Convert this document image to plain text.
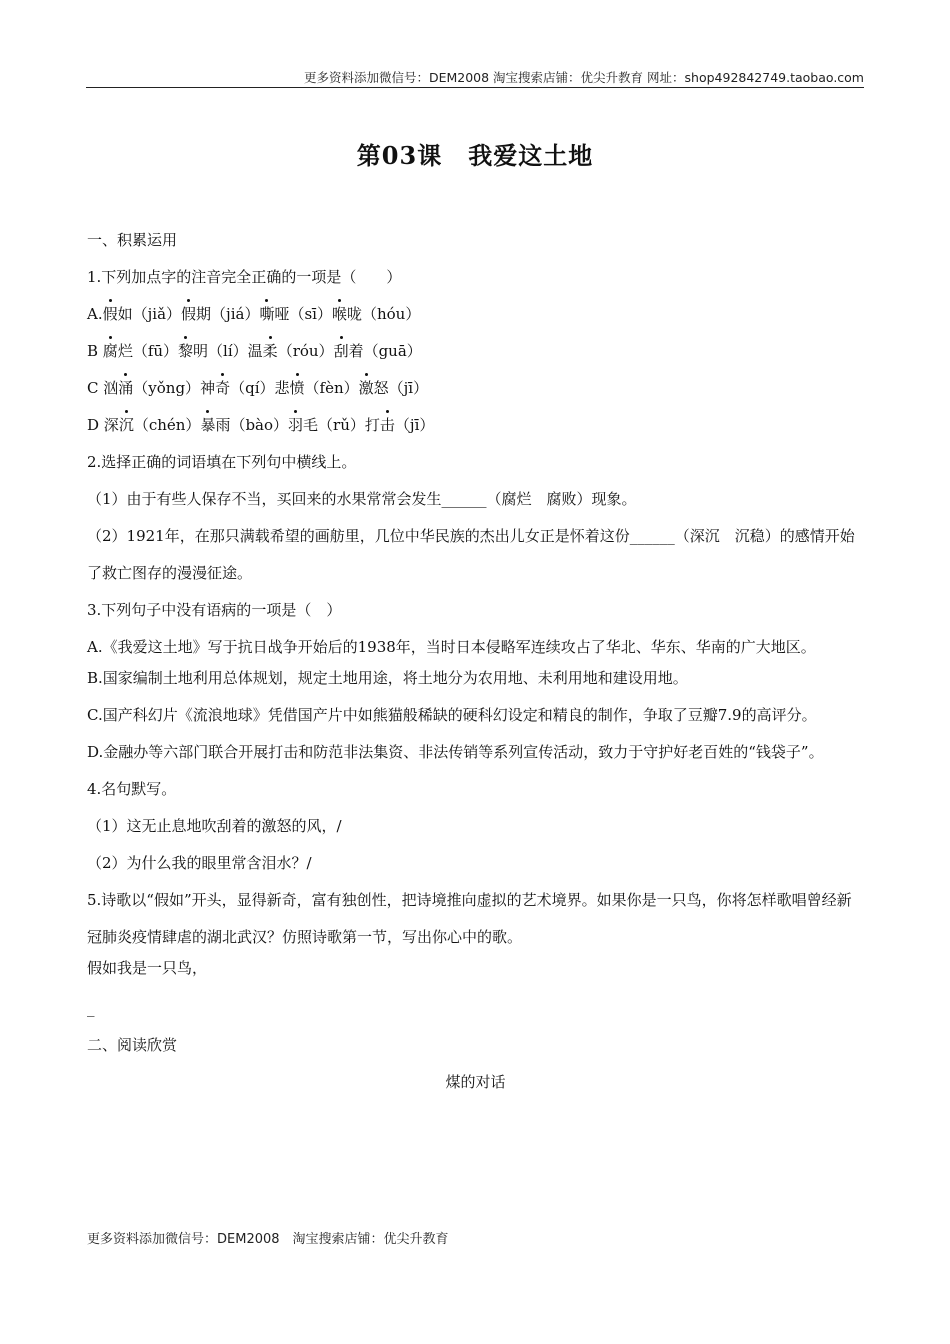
更多资料添加微信号：DEM2008 淘宝搜索店铺：优尖升教育 网址：shop492842749.taobao.com
第03课 我爱这土地

一、积累运用

1.下列加点字的注音完全正确的一项是（　　）

A.假如（jiǎ）假期（jiá）嘶哑（sī）喉咙（hóu）

B 腐烂（fū）黎明（lí）温柔（róu）刮着（guā）

C 汹涌（yǒng）神奇（qí）悲愤（fèn）激怒（jī）

D 深沉（chén）暴雨（bào）羽毛（rǔ）打击（jī）

2.选择正确的词语填在下列句中横线上。

（1）由于有些人保存不当，买回来的水果常常会发生______（腐烂　腐败）现象。

（2）1921年，在那只满载希望的画舫里，几位中华民族的杰出儿女正是怀着这份______（深沉　沉稳）的感情开始了救亡图存的漫漫征途。

3.下列句子中没有语病的一项是（　）

A.《我爱这土地》写于抗日战争开始后的1938年，当时日本侵略军连续攻占了华北、华东、华南的广大地区。

B.国家编制土地利用总体规划，规定土地用途，将土地分为农用地、未利用地和建设用地。

C.国产科幻片《流浪地球》凭借国产片中如熊猫般稀缺的硬科幻设定和精良的制作，争取了豆瓣7.9的高评分。

D.金融办等六部门联合开展打击和防范非法集资、非法传销等系列宣传活动，致力于守护好老百姓的“钱袋子”。

4.名句默写。

（1）这无止息地吹刮着的激怒的风，/

（2）为什么我的眼里常含泪水？/

5.诗歌以“假如”开头，显得新奇，富有独创性，把诗境推向虚拟的艺术境界。如果你是一只鸟，你将怎样歌唱曾经新冠肺炎疫情肆虐的湖北武汉？仿照诗歌第一节，写出你心中的歌。

假如我是一只鸟，

_

二、阅读欣赏

煤的对话

更多资料添加微信号：DEM2008　淘宝搜索店铺：优尖升教育
